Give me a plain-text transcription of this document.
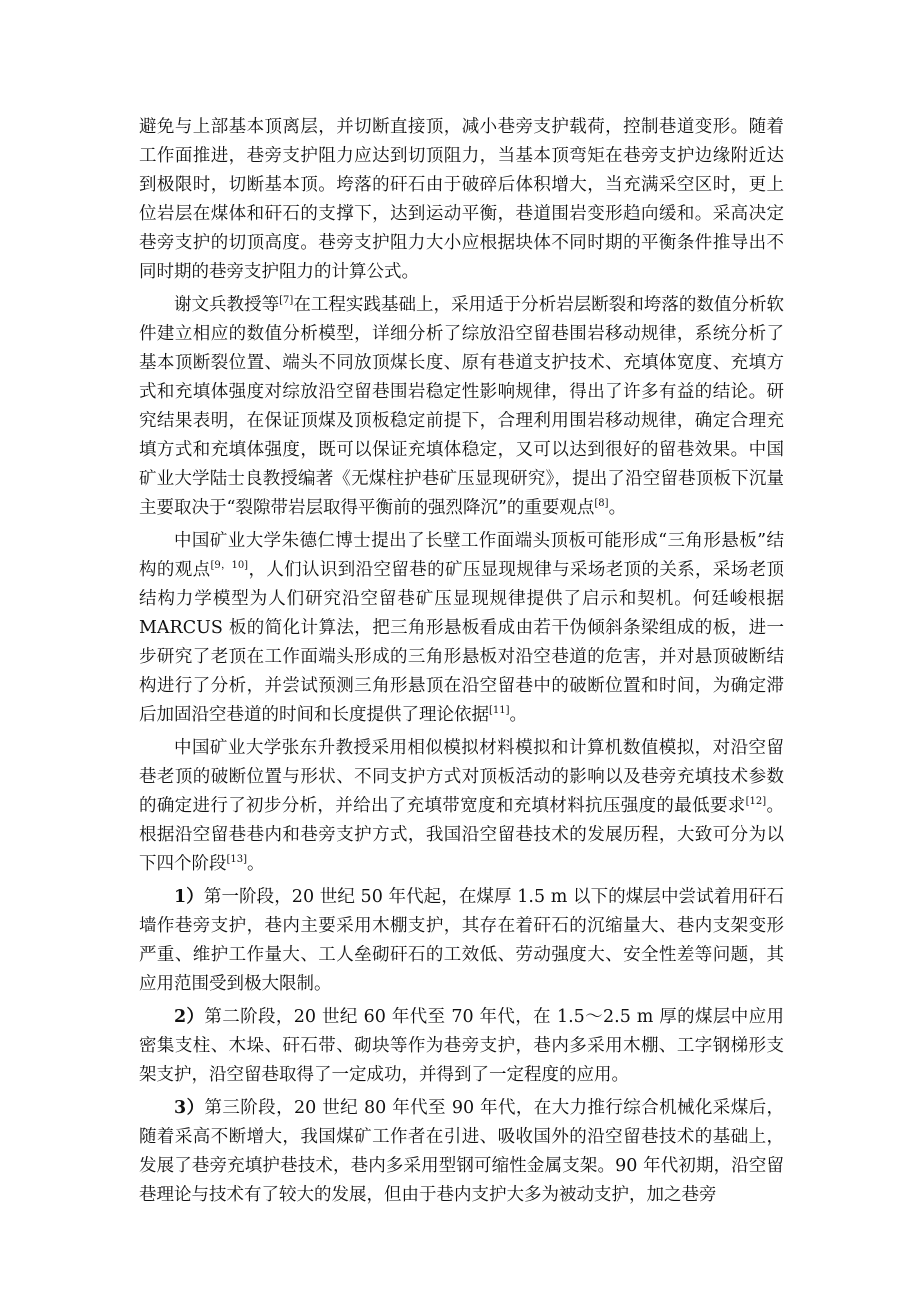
避免与上部基本顶离层，并切断直接顶，减小巷旁支护载荷，控制巷道变形。随着工作面推进，巷旁支护阻力应达到切顶阻力，当基本顶弯矩在巷旁支护边缘附近达到极限时，切断基本顶。垮落的矸石由于破碎后体积增大，当充满采空区时，更上位岩层在煤体和矸石的支撑下，达到运动平衡，巷道围岩变形趋向缓和。采高决定巷旁支护的切顶高度。巷旁支护阻力大小应根据块体不同时期的平衡条件推导出不同时期的巷旁支护阻力的计算公式。

谢文兵教授等[7]在工程实践基础上，采用适于分析岩层断裂和垮落的数值分析软件建立相应的数值分析模型，详细分析了综放沿空留巷围岩移动规律，系统分析了基本顶断裂位置、端头不同放顶煤长度、原有巷道支护技术、充填体宽度、充填方式和充填体强度对综放沿空留巷围岩稳定性影响规律，得出了许多有益的结论。研究结果表明，在保证顶煤及顶板稳定前提下，合理利用围岩移动规律，确定合理充填方式和充填体强度，既可以保证充填体稳定，又可以达到很好的留巷效果。中国矿业大学陆士良教授编著《无煤柱护巷矿压显现研究》，提出了沿空留巷顶板下沉量主要取决于“裂隙带岩层取得平衡前的强烈降沉”的重要观点[8]。

中国矿业大学朱德仁博士提出了长壁工作面端头顶板可能形成“三角形悬板”结构的观点[9，10]，人们认识到沿空留巷的矿压显现规律与采场老顶的关系，采场老顶结构力学模型为人们研究沿空留巷矿压显现规律提供了启示和契机。何廷峻根据 MARCUS 板的简化计算法，把三角形悬板看成由若干伪倾斜条梁组成的板，进一步研究了老顶在工作面端头形成的三角形悬板对沿空巷道的危害，并对悬顶破断结构进行了分析，并尝试预测三角形悬顶在沿空留巷中的破断位置和时间，为确定滞后加固沿空巷道的时间和长度提供了理论依据[11]。

中国矿业大学张东升教授采用相似模拟材料模拟和计算机数值模拟，对沿空留巷老顶的破断位置与形状、不同支护方式对顶板活动的影响以及巷旁充填技术参数的确定进行了初步分析，并给出了充填带宽度和充填材料抗压强度的最低要求[12]。根据沿空留巷巷内和巷旁支护方式，我国沿空留巷技术的发展历程，大致可分为以下四个阶段[13]。

1）第一阶段，20 世纪 50 年代起，在煤厚 1.5 m 以下的煤层中尝试着用矸石墙作巷旁支护，巷内主要采用木棚支护，其存在着矸石的沉缩量大、巷内支架变形严重、维护工作量大、工人垒砌矸石的工效低、劳动强度大、安全性差等问题，其应用范围受到极大限制。

2）第二阶段，20 世纪 60 年代至 70 年代，在 1.5～2.5 m 厚的煤层中应用密集支柱、木垛、矸石带、砌块等作为巷旁支护，巷内多采用木棚、工字钢梯形支架支护，沿空留巷取得了一定成功，并得到了一定程度的应用。

3）第三阶段，20 世纪 80 年代至 90 年代，在大力推行综合机械化采煤后，随着采高不断增大，我国煤矿工作者在引进、吸收国外的沿空留巷技术的基础上，发展了巷旁充填护巷技术，巷内多采用型钢可缩性金属支架。90 年代初期，沿空留巷理论与技术有了较大的发展，但由于巷内支护大多为被动支护，加之巷旁
